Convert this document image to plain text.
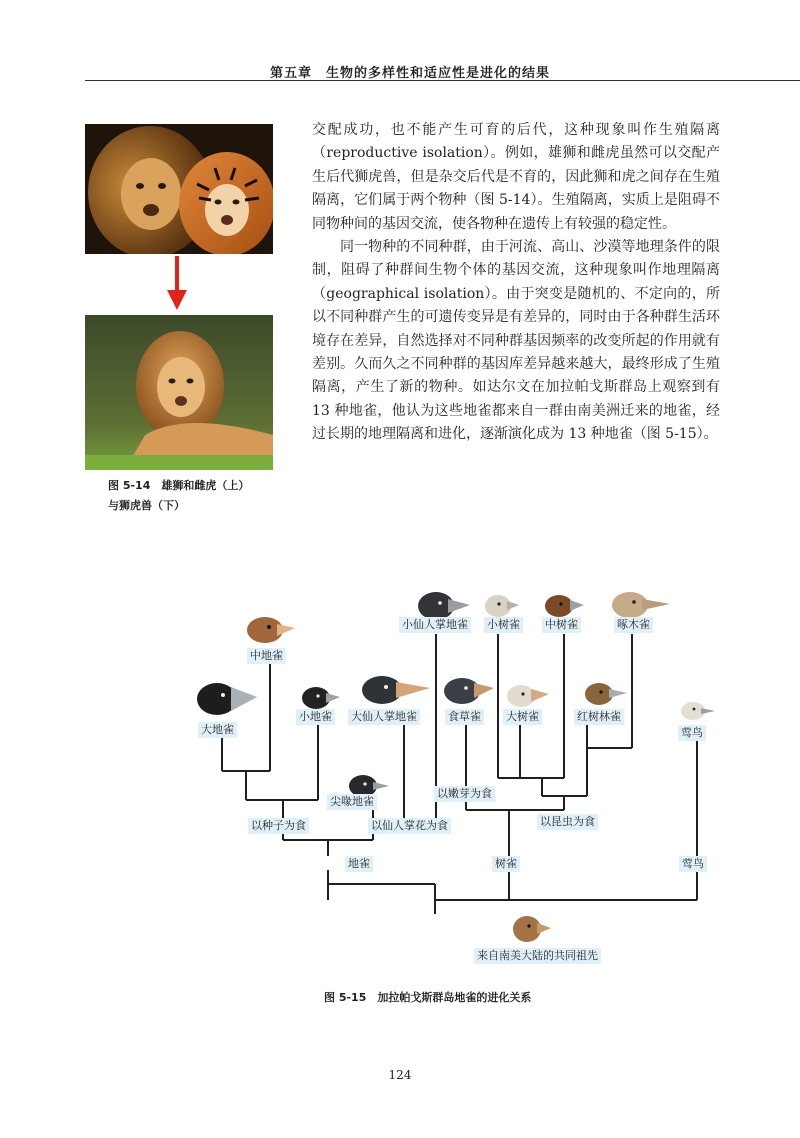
第五章　生物的多样性和适应性是进化的结果
图 5-14　雄狮和雌虎（上）
与狮虎兽（下）

交配成功，也不能产生可育的后代，这种现象叫作生殖隔离（reproductive isolation）。例如，雄狮和雌虎虽然可以交配产生后代狮虎兽，但是杂交后代是不育的，因此狮和虎之间存在生殖隔离，它们属于两个物种（图 5-14）。生殖隔离，实质上是阻碍不同物种间的基因交流，使各物种在遗传上有较强的稳定性。

同一物种的不同种群，由于河流、高山、沙漠等地理条件的限制，阻碍了种群间生物个体的基因交流，这种现象叫作地理隔离（geographical isolation）。由于突变是随机的、不定向的，所以不同种群产生的可遗传变异是有差异的，同时由于各种群生活环境存在差异，自然选择对不同种群基因频率的改变所起的作用就有差别。久而久之不同种群的基因库差异越来越大，最终形成了生殖隔离，产生了新的物种。如达尔文在加拉帕戈斯群岛上观察到有 13 种地雀，他认为这些地雀都来自一群由南美洲迁来的地雀，经过长期的地理隔离和进化，逐渐演化成为 13 种地雀（图 5-15）。

中地雀
大地雀
小地雀
小仙人掌地雀 小树雀 中树雀	啄木雀
大仙人掌地雀	食草雀 大树雀	红树林雀
莺鸟
尖喙地雀
以种子为食
以嫩芽为食
以仙人掌花为食	以昆虫为食
地雀	树雀	莺鸟
来自南美大陆的共同祖先
图 5-15　加拉帕戈斯群岛地雀的进化关系
124
